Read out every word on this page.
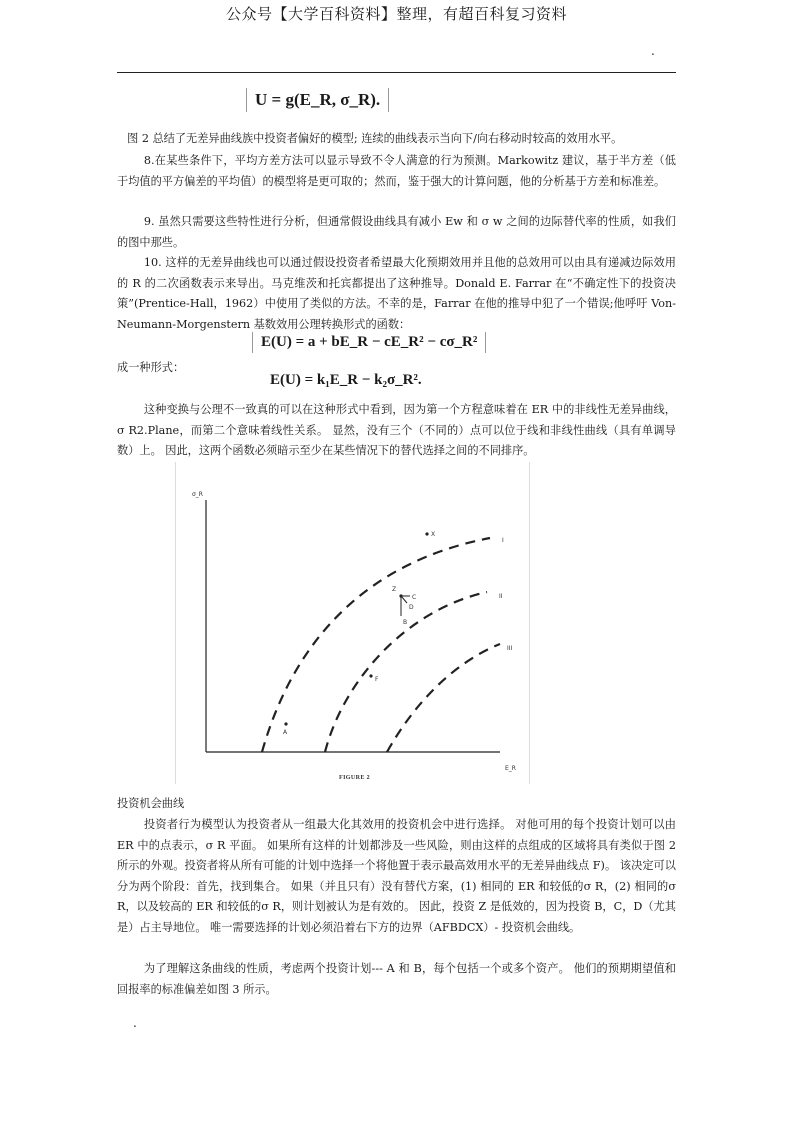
公众号【大学百科资料】整理，有超百科复习资料
.
U = g(E_R, σ_R).

图 2 总结了无差异曲线族中投资者偏好的模型; 连续的曲线表示当向下/向右移动时较高的效用水平。

8.在某些条件下，平均方差方法可以显示导致不令人满意的行为预测。Markowitz 建议，基于半方差（低于均值的平方偏差的平均值）的模型将是更可取的；然而，鉴于强大的计算问题，他的分析基于方差和标准差。

9. 虽然只需要这些特性进行分析，但通常假设曲线具有减小 Ew 和 σ w 之间的边际替代率的性质，如我们的图中那些。

10. 这样的无差异曲线也可以通过假设投资者希望最大化预期效用并且他的总效用可以由具有递减边际效用的 R 的二次函数表示来导出。马克维茨和托宾都提出了这种推导。Donald E. Farrar 在“不确定性下的投资决策”(Prentice-Hall，1962）中使用了类似的方法。不幸的是，Farrar 在他的推导中犯了一个错误;他呼吁 Von-Neumann-Morgenstern 基数效用公理转换形式的函数：

E(U) = a + bE_R − cE_R² − cσ_R²

成一种形式：

E(U) = k₁E_R − k₂σ_R².

这种变换与公理不一致真的可以在这种形式中看到，因为第一个方程意味着在 ER 中的非线性无差异曲线，σ R2.Plane，而第二个意味着线性关系。 显然，没有三个（不同的）点可以位于线和非线性曲线（具有单调导数）上。 因此，这两个函数必须暗示至少在某些情况下的替代选择之间的不同排序。

σ_R
E_R
I
II
III
X
Z
C
D
B
F
A
FIGURE 2

投资机会曲线

投资者行为模型认为投资者从一组最大化其效用的投资机会中进行选择。 对他可用的每个投资计划可以由 ER 中的点表示，σ R 平面。 如果所有这样的计划都涉及一些风险，则由这样的点组成的区域将具有类似于图 2 所示的外观。投资者将从所有可能的计划中选择一个将他置于表示最高效用水平的无差异曲线点 F)。 该决定可以分为两个阶段：首先，找到集合。 如果（并且只有）没有替代方案，(1) 相同的 ER 和较低的σ R，(2) 相同的σ R，以及较高的 ER 和较低的σ R，则计划被认为是有效的。 因此，投资 Z 是低效的，因为投资 B，C，D（尤其是）占主导地位。 唯一需要选择的计划必须沿着右下方的边界（AFBDCX）- 投资机会曲线。

为了理解这条曲线的性质，考虑两个投资计划--- A 和 B，每个包括一个或多个资产。 他们的预期期望值和回报率的标准偏差如图 3 所示。

.
